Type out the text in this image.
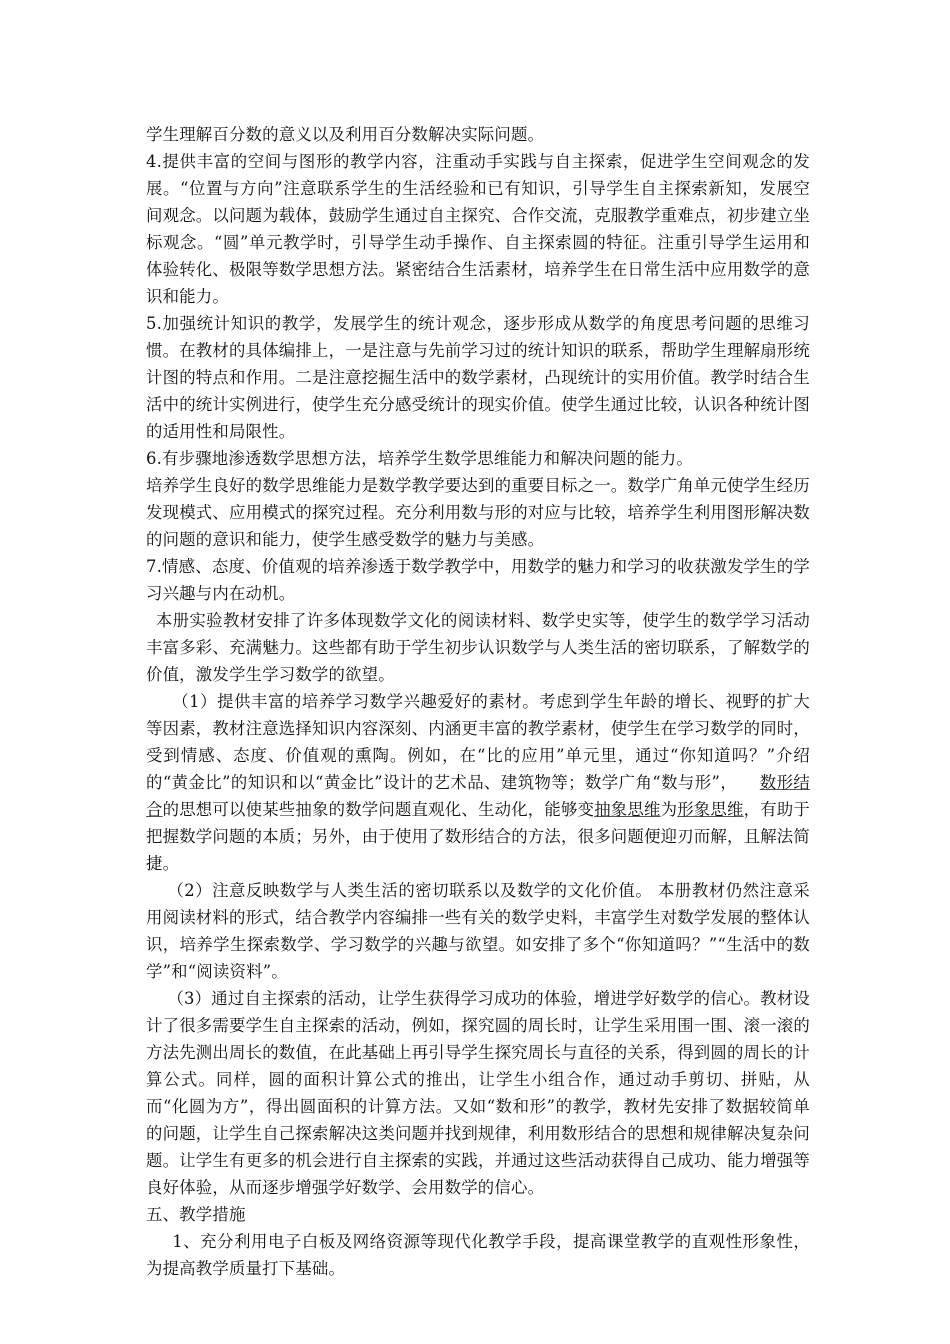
学生理解百分数的意义以及利用百分数解决实际问题。

4.提供丰富的空间与图形的教学内容，注重动手实践与自主探索，促进学生空间观念的发展。“位置与方向”注意联系学生的生活经验和已有知识，引导学生自主探索新知，发展空间观念。以问题为载体，鼓励学生通过自主探究、合作交流，克服教学重难点，初步建立坐标观念。“圆”单元教学时，引导学生动手操作、自主探索圆的特征。注重引导学生运用和体验转化、极限等数学思想方法。紧密结合生活素材，培养学生在日常生活中应用数学的意识和能力。

5.加强统计知识的教学，发展学生的统计观念，逐步形成从数学的角度思考问题的思维习惯。在教材的具体编排上，一是注意与先前学习过的统计知识的联系，帮助学生理解扇形统计图的特点和作用。二是注意挖掘生活中的数学素材，凸现统计的实用价值。教学时结合生活中的统计实例进行，使学生充分感受统计的现实价值。使学生通过比较，认识各种统计图的适用性和局限性。

6.有步骤地渗透数学思想方法，培养学生数学思维能力和解决问题的能力。

培养学生良好的数学思维能力是数学教学要达到的重要目标之一。数学广角单元使学生经历发现模式、应用模式的探究过程。充分利用数与形的对应与比较，培养学生利用图形解决数的问题的意识和能力，使学生感受数学的魅力与美感。

7.情感、态度、价值观的培养渗透于数学教学中，用数学的魅力和学习的收获激发学生的学习兴趣与内在动机。

本册实验教材安排了许多体现数学文化的阅读材料、数学史实等，使学生的数学学习活动丰富多彩、充满魅力。这些都有助于学生初步认识数学与人类生活的密切联系，了解数学的价值，激发学生学习数学的欲望。

（1）提供丰富的培养学习数学兴趣爱好的素材。考虑到学生年龄的增长、视野的扩大等因素，教材注意选择知识内容深刻、内涵更丰富的教学素材，使学生在学习数学的同时，受到情感、态度、价值观的熏陶。例如，在“比的应用”单元里，通过“你知道吗？”介绍的“黄金比”的知识和以“黄金比”设计的艺术品、建筑物等；数学广角“数与形”，    数形结合的思想可以使某些抽象的数学问题直观化、生动化，能够变抽象思维为形象思维，有助于把握数学问题的本质；另外，由于使用了数形结合的方法，很多问题便迎刃而解，且解法简捷。

（2）注意反映数学与人类生活的密切联系以及数学的文化价值。 本册教材仍然注意采用阅读材料的形式，结合教学内容编排一些有关的数学史料，丰富学生对数学发展的整体认识，培养学生探索数学、学习数学的兴趣与欲望。如安排了多个“你知道吗？”“生活中的数学”和“阅读资料”。

（3）通过自主探索的活动，让学生获得学习成功的体验，增进学好数学的信心。教材设计了很多需要学生自主探索的活动，例如，探究圆的周长时，让学生采用围一围、滚一滚的方法先测出周长的数值，在此基础上再引导学生探究周长与直径的关系，得到圆的周长的计算公式。同样，圆的面积计算公式的推出，让学生小组合作，通过动手剪切、拼贴，从而“化圆为方”，得出圆面积的计算方法。又如“数和形”的教学，教材先安排了数据较简单的问题，让学生自己探索解决这类问题并找到规律，利用数形结合的思想和规律解决复杂问题。让学生有更多的机会进行自主探索的实践，并通过这些活动获得自己成功、能力增强等良好体验，从而逐步增强学好数学、会用数学的信心。

五、教学措施

1、充分利用电子白板及网络资源等现代化教学手段，提高课堂教学的直观性形象性，为提高教学质量打下基础。
